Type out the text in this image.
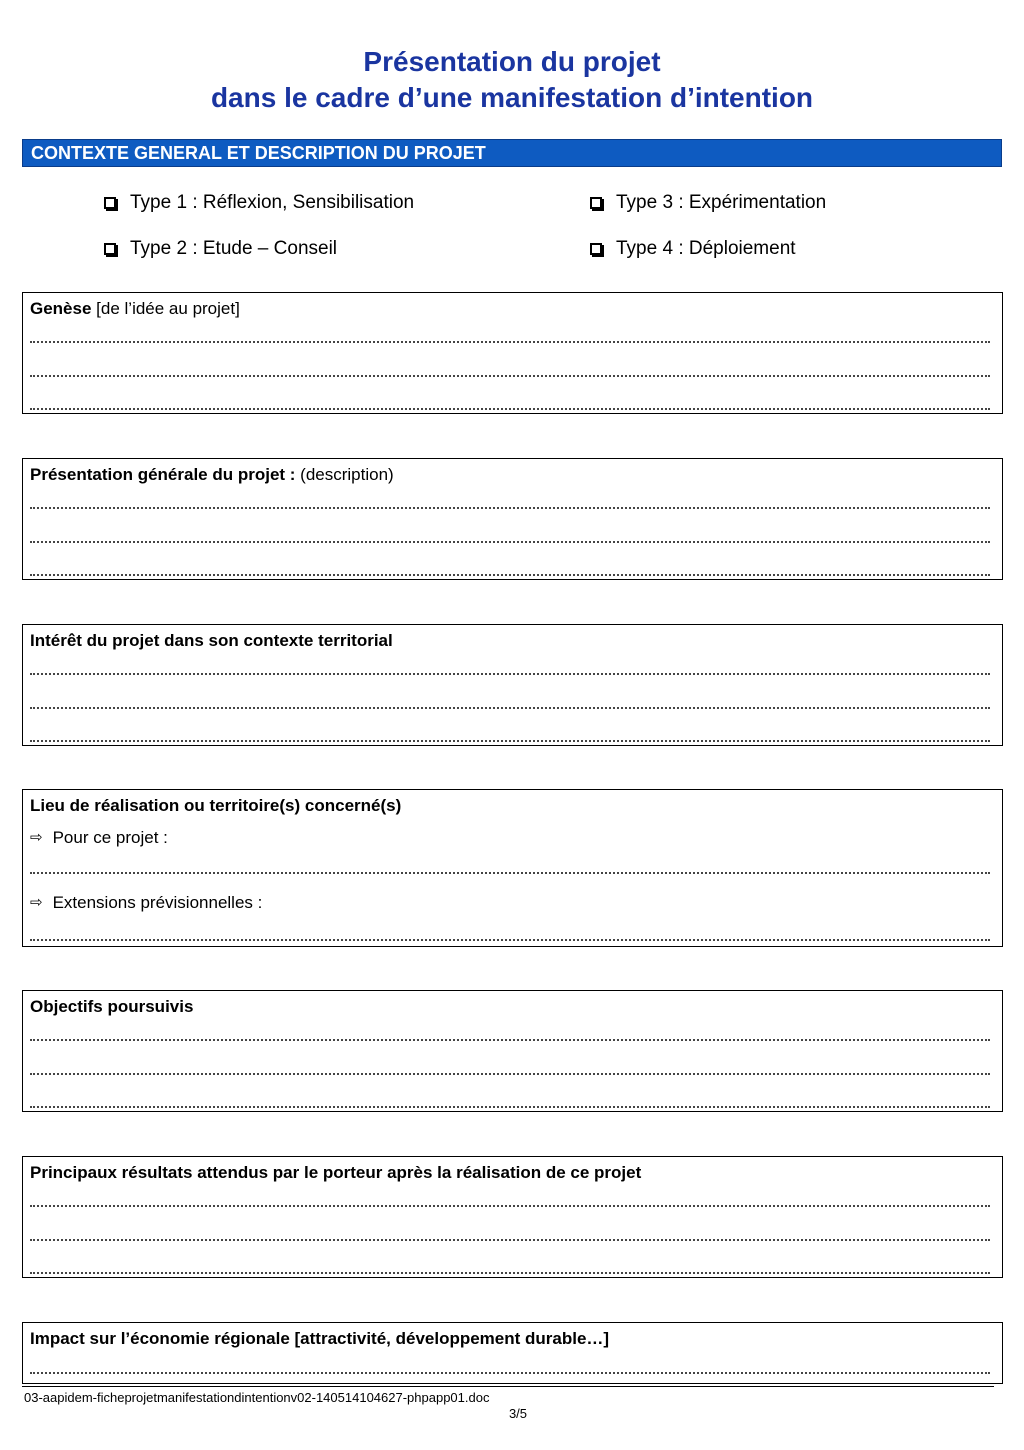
Présentation du projet
dans le cadre d’une manifestation d’intention
CONTEXTE GENERAL ET DESCRIPTION DU PROJET
Type 1 : Réflexion, Sensibilisation
Type 2 : Etude – Conseil
Type 3 : Expérimentation
Type 4 : Déploiement
Genèse [de l’idée au projet]
Présentation générale du projet : (description)
Intérêt du projet dans son contexte territorial
Lieu de réalisation ou territoire(s) concerné(s)
⇨ Pour ce projet :
⇨ Extensions prévisionnelles :
Objectifs poursuivis
Principaux résultats attendus par le porteur après la réalisation de ce projet
Impact sur l’économie régionale [attractivité, développement durable…]
03-aapidem-ficheprojetmanifestationdintentionv02-140514104627-phpapp01.doc
3/5
